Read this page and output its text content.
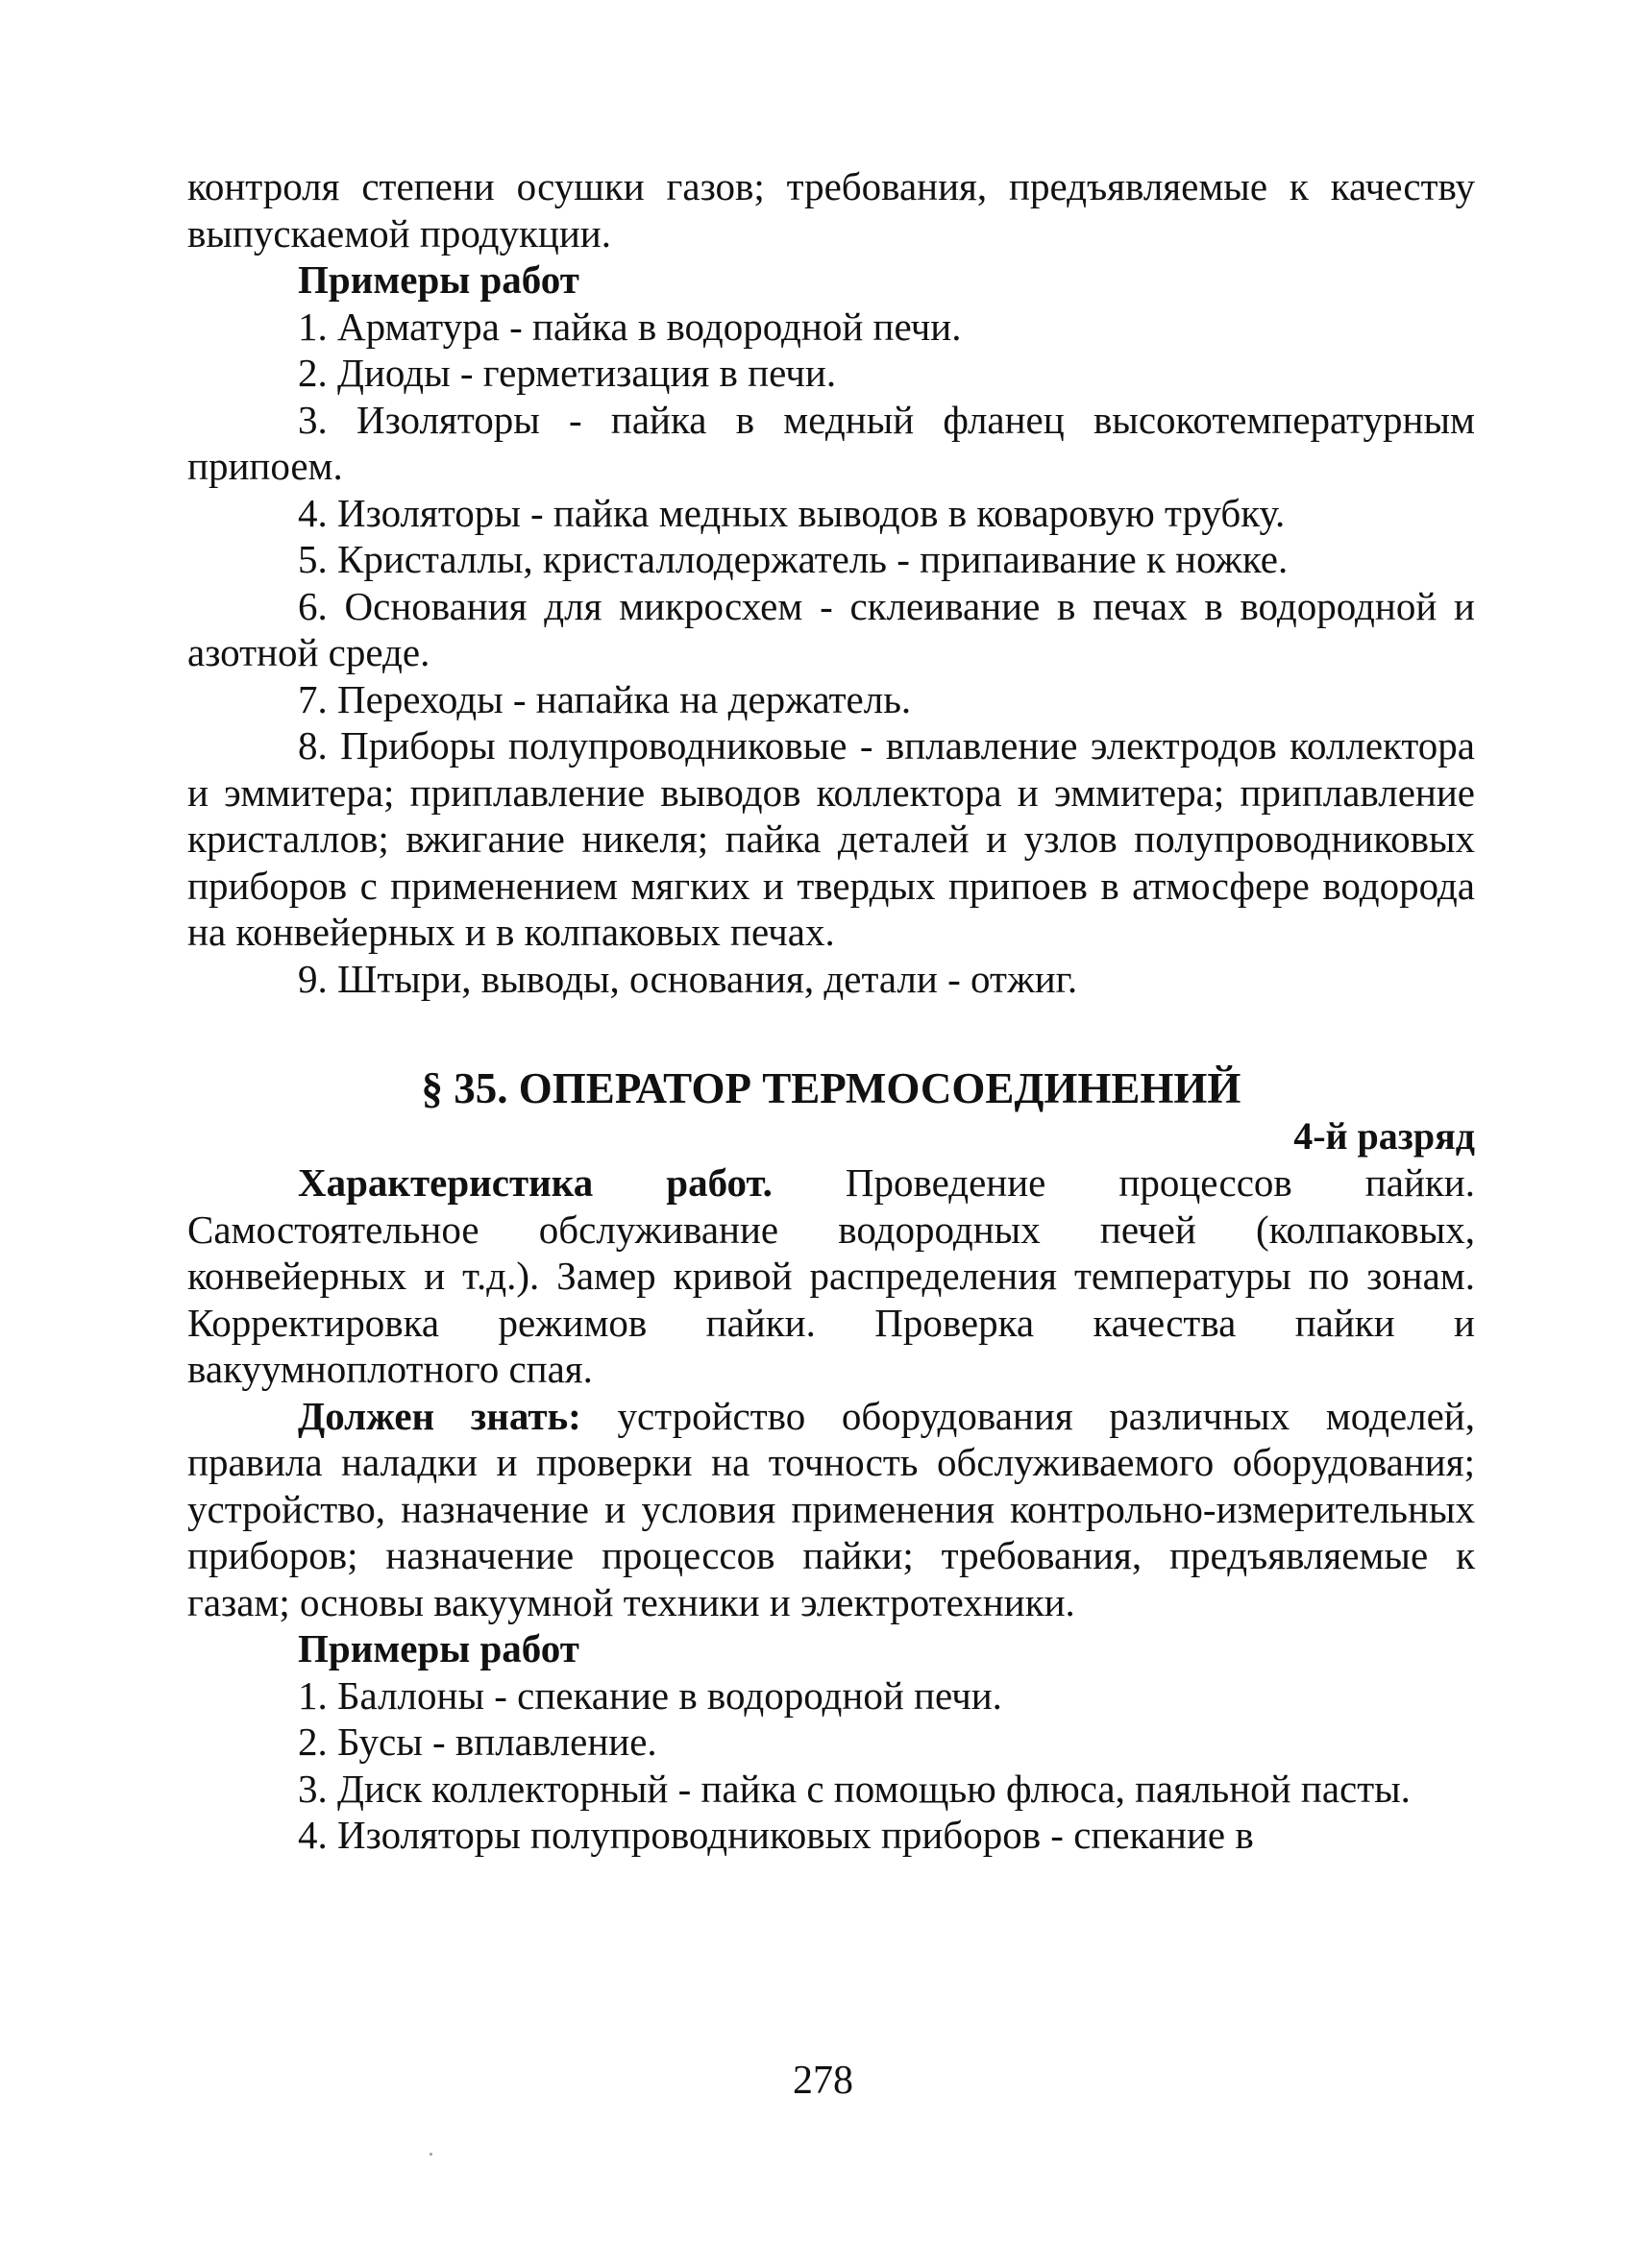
контроля степени осушки газов; требования, предъявляемые к качеству выпускаемой продукции.

Примеры работ

1. Арматура - пайка в водородной печи.

2. Диоды - герметизация в печи.

3. Изоляторы - пайка в медный фланец высокотемпературным припоем.

4. Изоляторы - пайка медных выводов в коваровую трубку.

5. Кристаллы, кристаллодержатель - припаивание к ножке.

6. Основания для микросхем - склеивание в печах в водородной и азотной среде.

7. Переходы - напайка на держатель.

8. Приборы полупроводниковые - вплавление электродов коллектора и эммитера; приплавление выводов коллектора и эммитера; приплавление кристаллов; вжигание никеля; пайка деталей и узлов полупроводниковых приборов с применением мягких и твердых припоев в атмосфере водорода на конвейерных и в колпаковых печах.

9. Штыри, выводы, основания, детали - отжиг.

§ 35. ОПЕРАТОР ТЕРМОСОЕДИНЕНИЙ

4-й разряд

Характеристика работ. Проведение процессов пайки. Самостоятельное обслуживание водородных печей (колпаковых, конвейерных и т.д.). Замер кривой распределения температуры по зонам. Корректировка режимов пайки. Проверка качества пайки и вакуумноплотного спая.

Должен знать: устройство оборудования различных моделей, правила наладки и проверки на точность обслуживаемого оборудования; устройство, назначение и условия применения контрольно-измерительных приборов; назначение процессов пайки; требования, предъявляемые к газам; основы вакуумной техники и электротехники.

Примеры работ

1. Баллоны - спекание в водородной печи.

2. Бусы - вплавление.

3. Диск коллекторный - пайка с помощью флюса, паяльной пасты.

4. Изоляторы полупроводниковых приборов - спекание в

278
